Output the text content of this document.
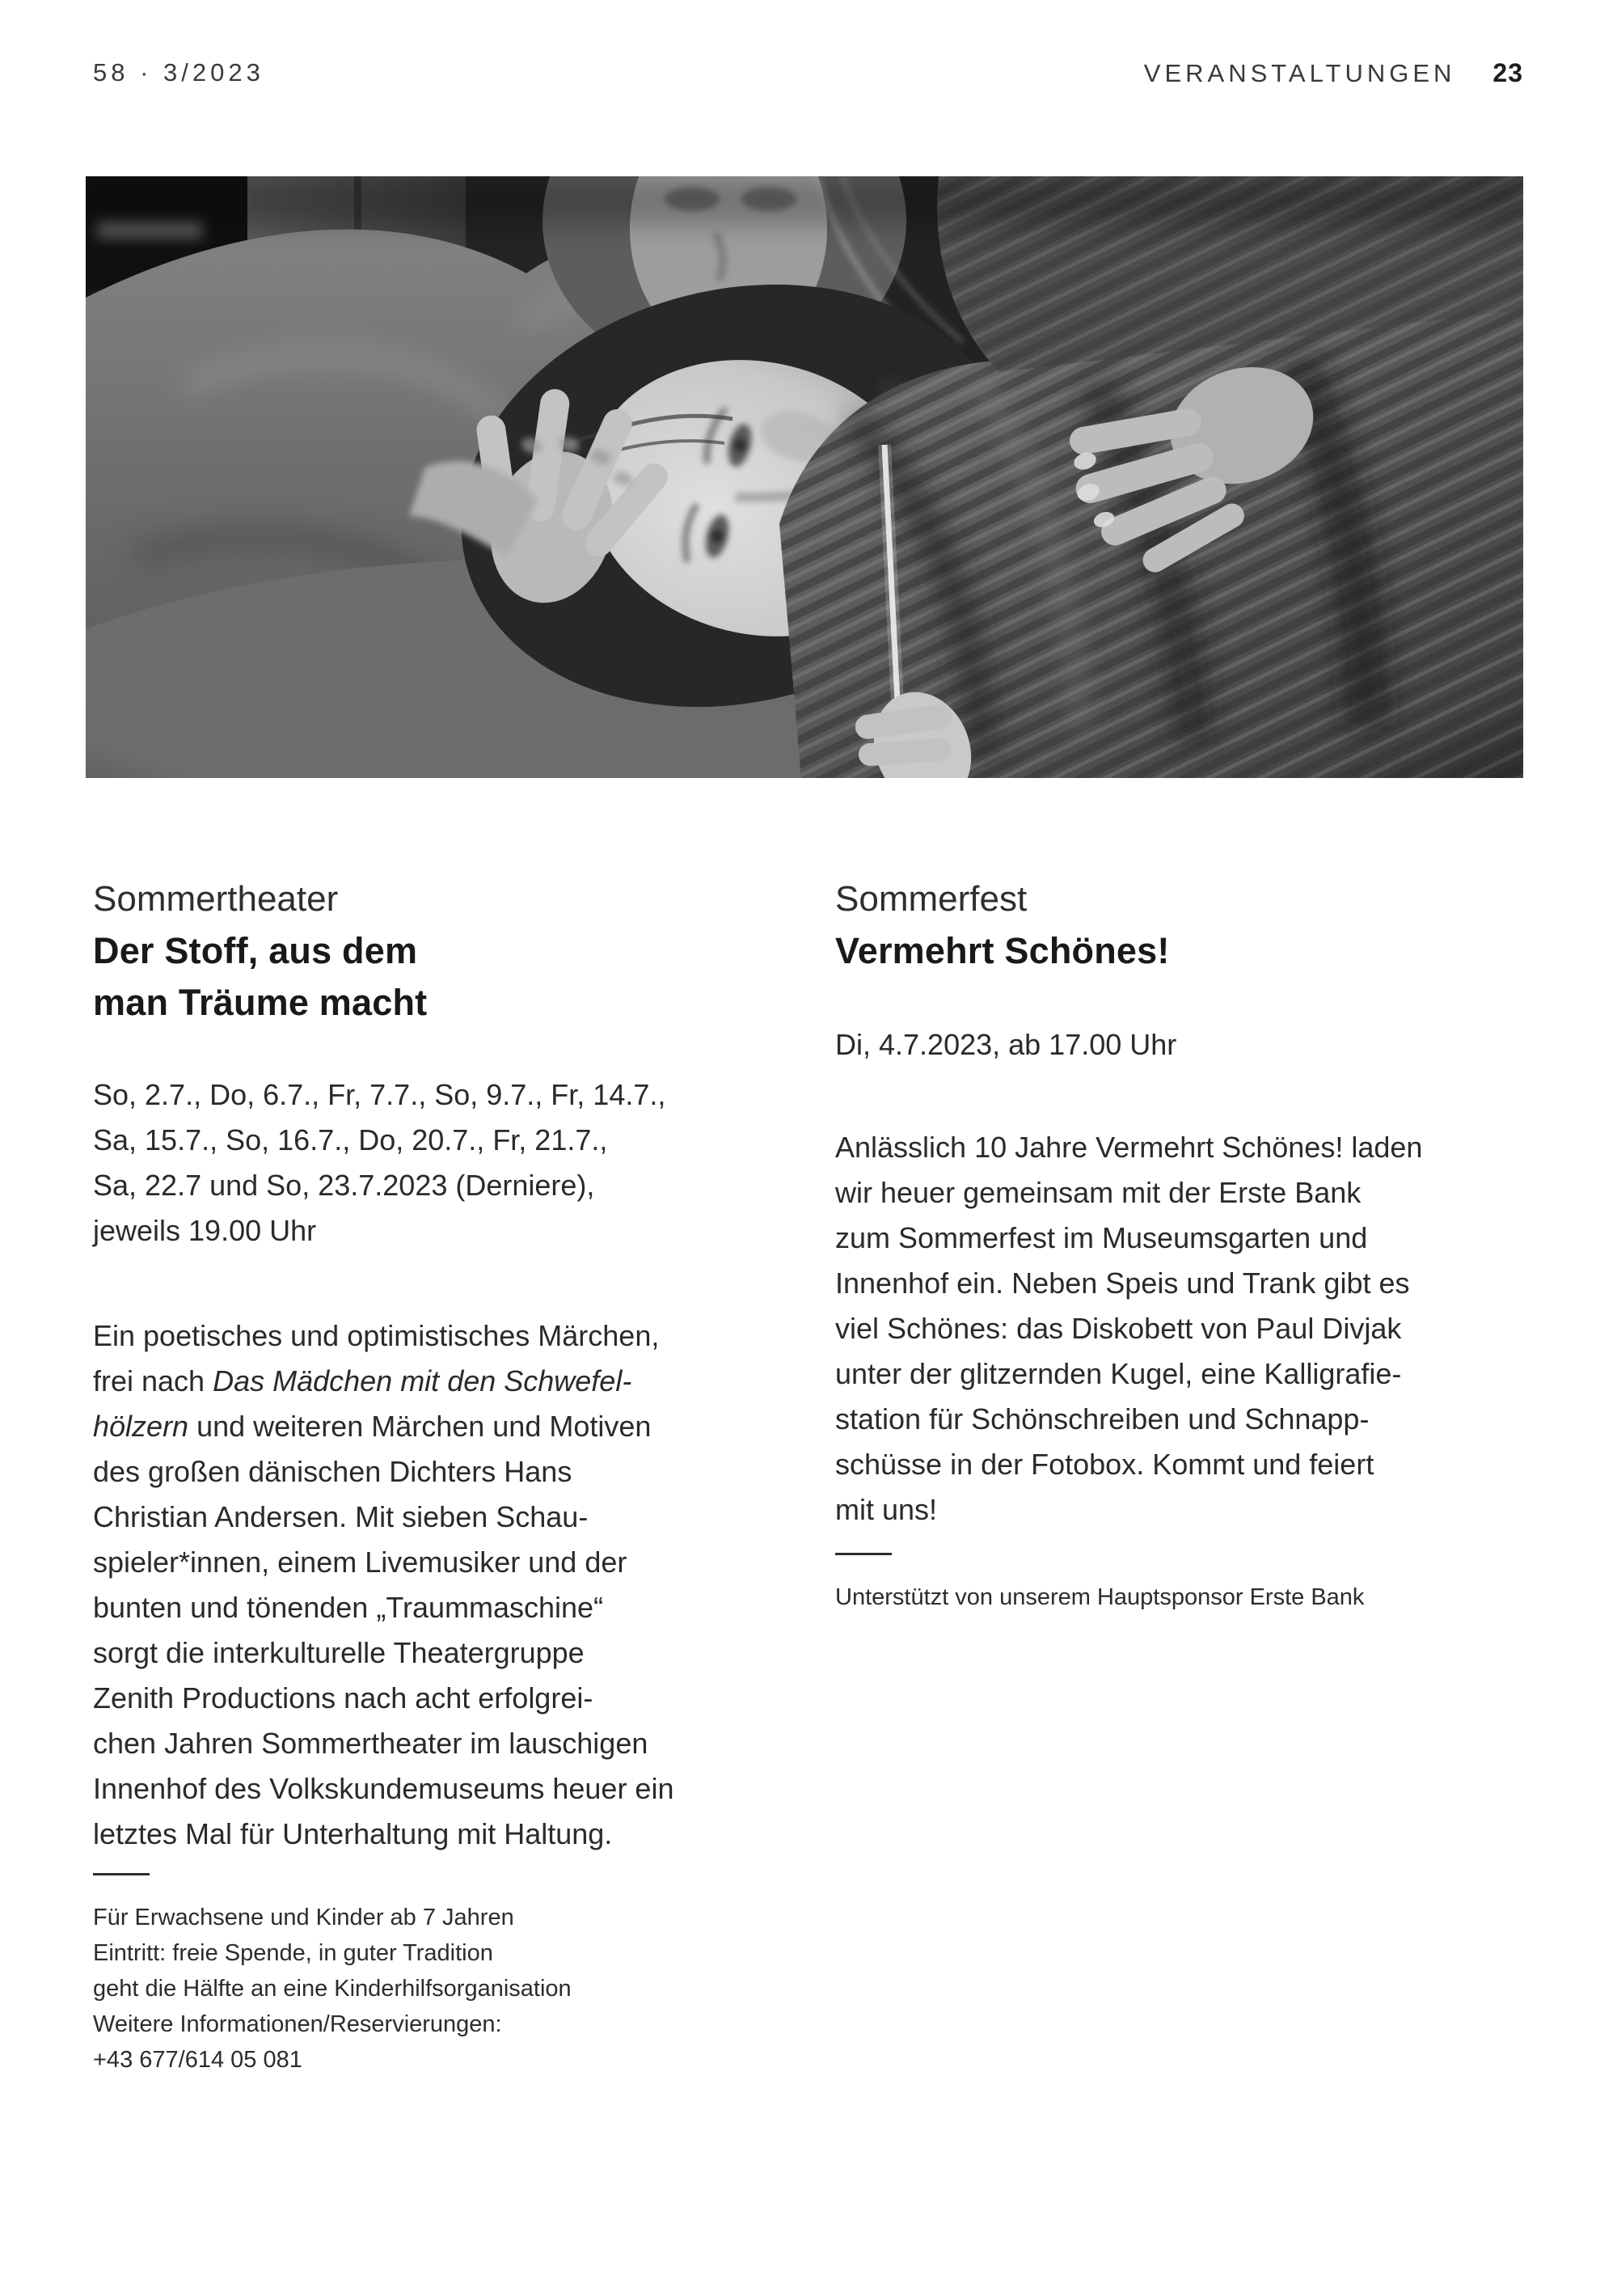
58 · 3/2023	VERANSTALTUNGEN 23
Sommertheater
Der Stoff, aus dem
man Träume macht
So, 2.7., Do, 6.7., Fr, 7.7., So, 9.7., Fr, 14.7.,
Sa, 15.7., So, 16.7., Do, 20.7., Fr, 21.7.,
Sa, 22.7 und So, 23.7.2023 (Derniere),
jeweils 19.00 Uhr
Ein poetisches und optimistisches Märchen,
frei nach Das Mädchen mit den Schwefel-
hölzern und weiteren Märchen und Motiven
des großen dänischen Dichters Hans
Christian Andersen. Mit sieben Schau-
spieler*innen, einem Livemusiker und der
bunten und tönenden „Traummaschine“
sorgt die interkulturelle Theatergruppe
Zenith Productions nach acht erfolgrei-
chen Jahren Sommertheater im lauschigen
Innenhof des Volkskundemuseums heuer ein
letztes Mal für Unterhaltung mit Haltung.
Für Erwachsene und Kinder ab 7 Jahren
Eintritt: freie Spende, in guter Tradition
geht die Hälfte an eine Kinderhilfsorganisation
Weitere Informationen/Reservierungen:
+43 677/614 05 081
Sommerfest
Vermehrt Schönes!
Di, 4.7.2023, ab 17.00 Uhr
Anlässlich 10 Jahre Vermehrt Schönes! laden
wir heuer gemeinsam mit der Erste Bank
zum Sommerfest im Museumsgarten und
Innenhof ein. Neben Speis und Trank gibt es
viel Schönes: das Diskobett von Paul Divjak
unter der glitzernden Kugel, eine Kalligrafie-
station für Schönschreiben und Schnapp-
schüsse in der Fotobox. Kommt und feiert
mit uns!
Unterstützt von unserem Hauptsponsor Erste Bank
